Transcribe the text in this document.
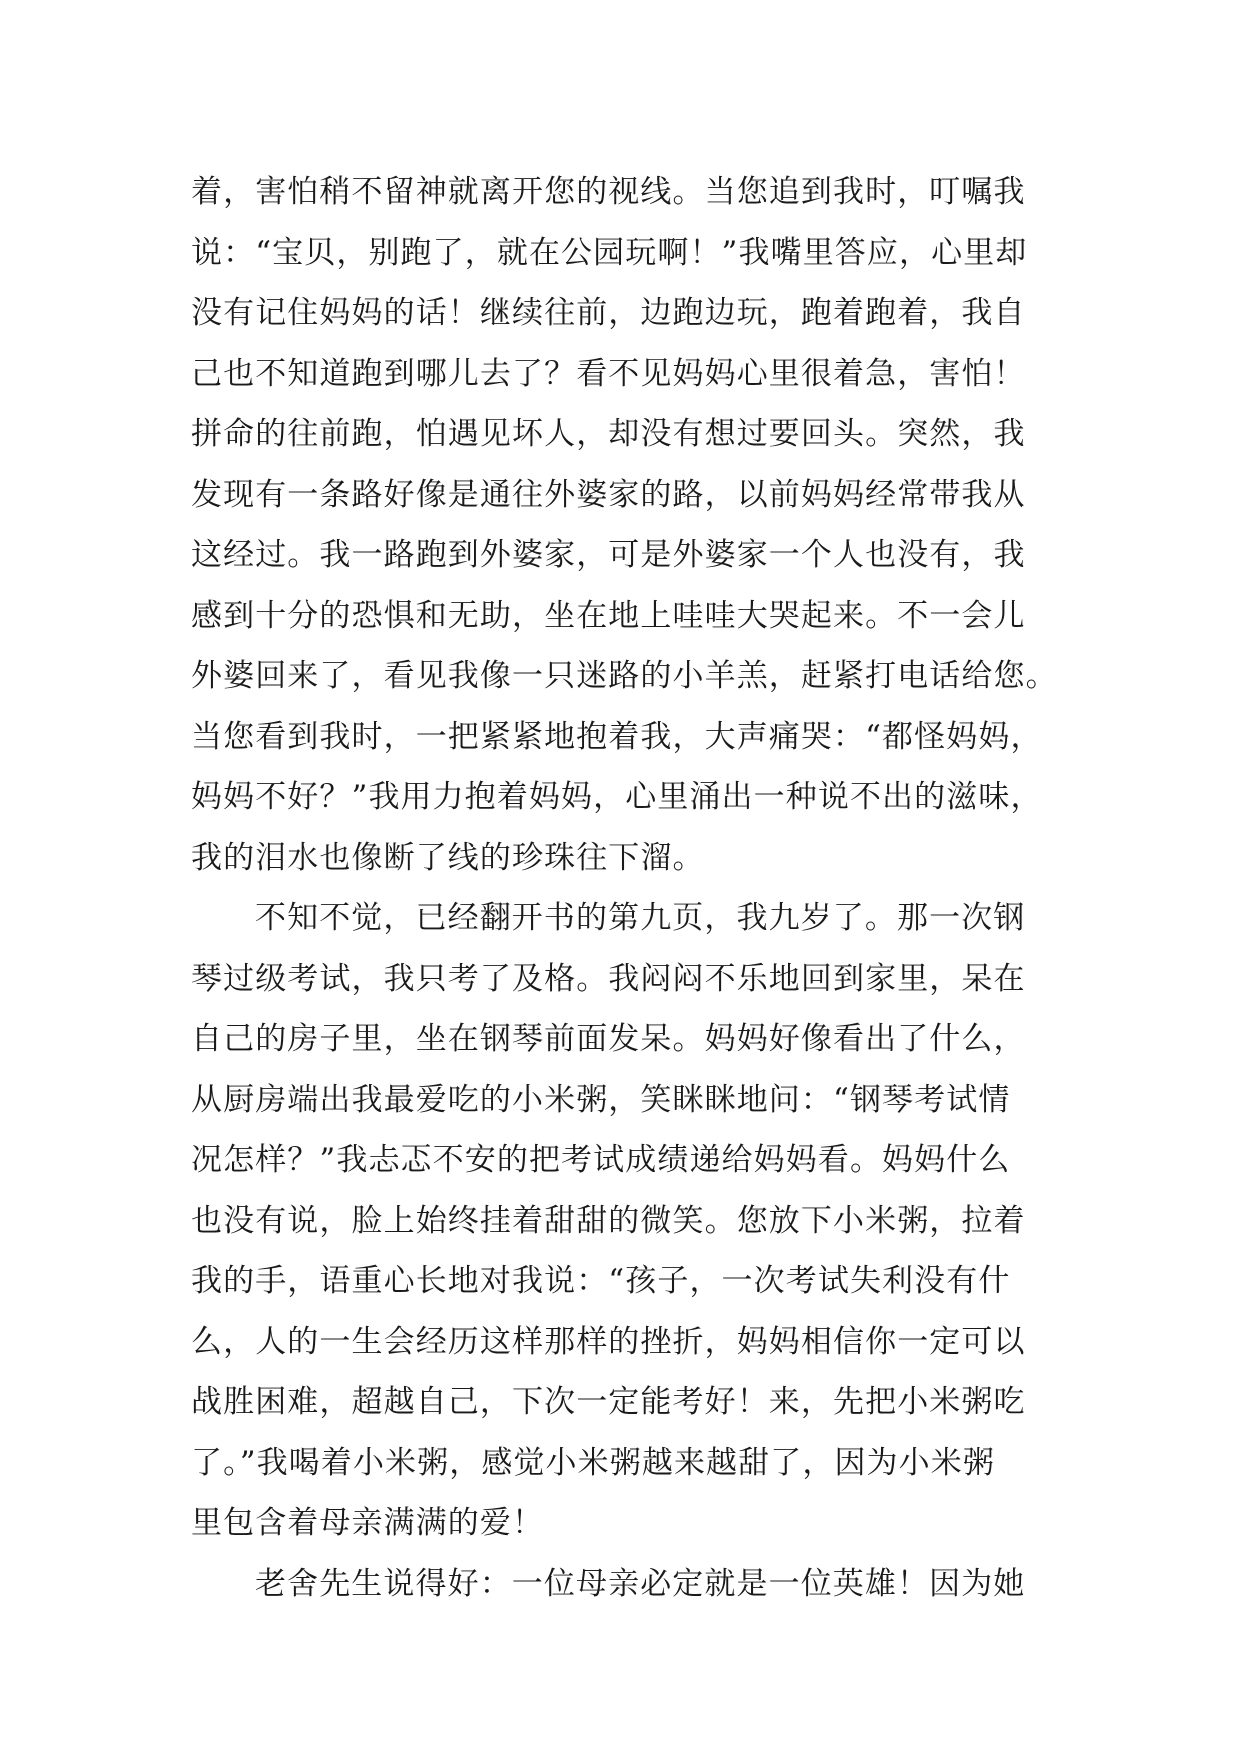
着，害怕稍不留神就离开您的视线。当您追到我时，叮嘱我
说：“宝贝，别跑了，就在公园玩啊！”我嘴里答应，心里却
没有记住妈妈的话！继续往前，边跑边玩，跑着跑着，我自
己也不知道跑到哪儿去了？看不见妈妈心里很着急，害怕！
拼命的往前跑，怕遇见坏人，却没有想过要回头。突然，我
发现有一条路好像是通往外婆家的路，以前妈妈经常带我从
这经过。我一路跑到外婆家，可是外婆家一个人也没有，我
感到十分的恐惧和无助，坐在地上哇哇大哭起来。不一会儿
外婆回来了，看见我像一只迷路的小羊羔，赶紧打电话给您。
当您看到我时，一把紧紧地抱着我，大声痛哭：“都怪妈妈，
妈妈不好？”我用力抱着妈妈，心里涌出一种说不出的滋味，
我的泪水也像断了线的珍珠往下溜。
不知不觉，已经翻开书的第九页，我九岁了。那一次钢
琴过级考试，我只考了及格。我闷闷不乐地回到家里，呆在
自己的房子里，坐在钢琴前面发呆。妈妈好像看出了什么，
从厨房端出我最爱吃的小米粥，笑眯眯地问：“钢琴考试情
况怎样？”我忐忑不安的把考试成绩递给妈妈看。妈妈什么
也没有说，脸上始终挂着甜甜的微笑。您放下小米粥，拉着
我的手，语重心长地对我说：“孩子，一次考试失利没有什
么，人的一生会经历这样那样的挫折，妈妈相信你一定可以
战胜困难，超越自己，下次一定能考好！来，先把小米粥吃
了。”我喝着小米粥，感觉小米粥越来越甜了，因为小米粥
里包含着母亲满满的爱！
老舍先生说得好：一位母亲必定就是一位英雄！因为她
